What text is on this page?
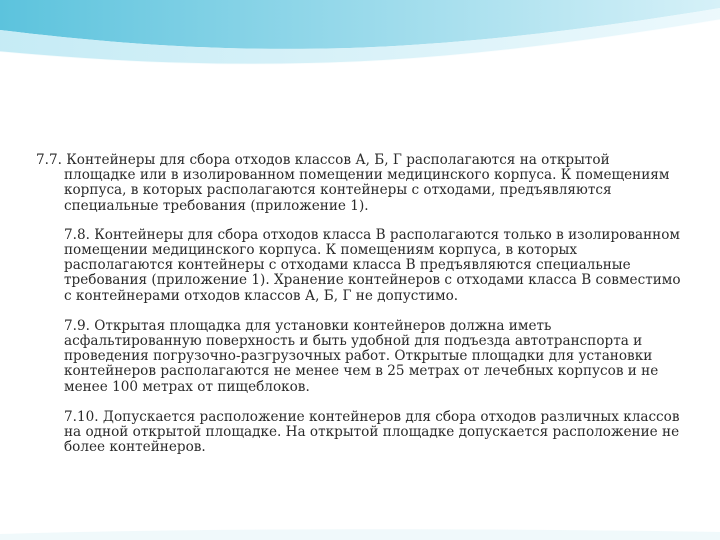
7.7. Контейнеры для сбора отходов классов А, Б, Г располагаются на открытой площадке или в изолированном помещении медицинского корпуса. К помещениям корпуса, в которых располагаются контейнеры с отходами, предъявляются специальные требования (приложение 1).

7.8. Контейнеры для сбора отходов класса В располагаются только в изолированном помещении медицинского корпуса. К помещениям корпуса, в которых располагаются контейнеры с отходами класса В предъявляются специальные требования (приложение 1). Хранение контейнеров с отходами класса В совместимо с контейнерами отходов классов А, Б, Г не допустимо.

7.9. Открытая площадка для установки контейнеров должна иметь асфальтированную поверхность и быть удобной для подъезда автотранспорта и проведения погрузочно-разгрузочных работ. Открытые площадки для установки контейнеров располагаются не менее чем в 25 метрах от лечебных корпусов и не менее 100 метрах от пищеблоков.

7.10. Допускается расположение контейнеров для сбора отходов различных классов на одной открытой площадке. На открытой площадке допускается расположение не более контейнеров.
